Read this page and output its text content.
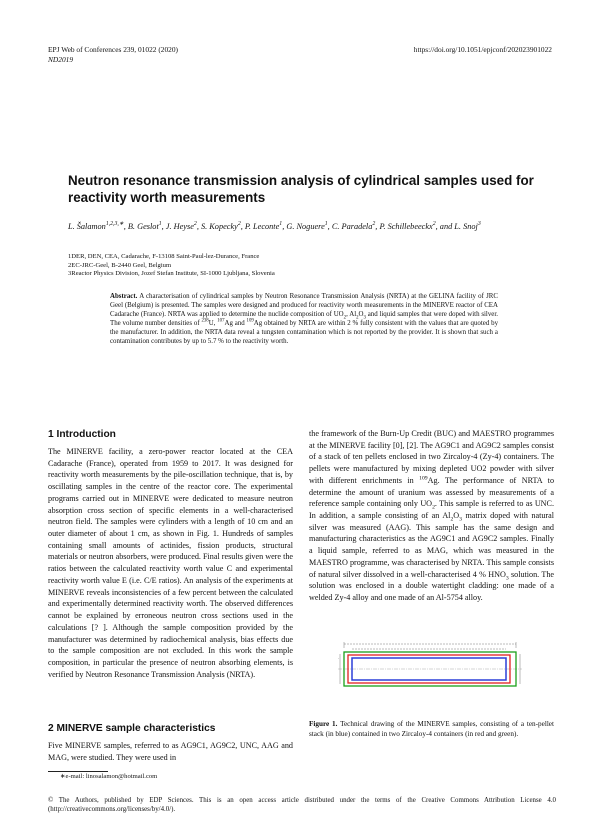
EPJ Web of Conferences 239, 01022 (2020)
ND2019
https://doi.org/10.1051/epjconf/202023901022
Neutron resonance transmission analysis of cylindrical samples used for reactivity worth measurements
L. Šalamon$^{1,2,3,∗}$, B. Geslot$^1$, J. Heyse$^2$, S. Kopecky$^2$, P. Leconte$^1$, G. Noguere$^1$, C. Paradela$^2$, P. Schillebeeckx$^2$, and L. Snoj$^3$
1DER, DEN, CEA, Cadarache, F-13108 Saint-Paul-lez-Durance, France
2EC-JRC-Geel, B-2440 Geel, Belgium
3Reactor Physics Division, Jozef Stefan Institute, SI-1000 Ljubljana, Slovenia
Abstract. A characterisation of cylindrical samples by Neutron Resonance Transmission Analysis (NRTA) at the GELINA facility of JRC Geel (Belgium) is presented. The samples were designed and produced for reactivity worth measurements in the MINERVE reactor of CEA Cadarache (France). NRTA was applied to determine the nuclide composition of $UO_2$, $Al_2O_3$ and liquid samples that were doped with silver. The volume number densities of $^{238}$U, $^{107}$Ag and $^{109}$Ag obtained by NRTA are within 2 % fully consistent with the values that are quoted by the manufacturer. In addition, the NRTA data reveal a tungsten contamination which is not reported by the provider. It is shown that such a contamination contributes by up to 5.7 % to the reactivity worth.
1 Introduction
The MINERVE facility, a zero-power reactor located at the CEA Cadarache (France), operated from 1959 to 2017. It was designed for reactivity worth measurements by the pile-oscillation technique, that is, by oscillating samples in the centre of the reactor core. The experimental programs carried out in MINERVE were dedicated to measure neutron absorption cross section of specific elements in a well-characterised neutron field. The samples were cylinders with a length of 10 cm and an outer diameter of about 1 cm, as shown in Fig. 1. Hundreds of samples containing small amounts of actinides, fission products, structural materials or neutron absorbers, were produced. Final results given were the ratios between the calculated reactivity worth value C and experimental reactivity worth value E (i.e. C/E ratios). An analysis of the experiments at MINERVE reveals inconsistencies of a few percent between the calculated and experimentally determined reactivity worth. The observed differences cannot be explained by erroneous neutron cross sections used in the calculations [? ]. Although the sample composition provided by the manufacturer was determined by radiochemical analysis, bias effects due to the sample composition are not excluded. In this work the sample composition, in particular the presence of neutron absorbing elements, is verified by Neutron Resonance Transmission Analysis (NRTA).
2 MINERVE sample characteristics
Five MINERVE samples, referred to as AG9C1, AG9C2, UNC, AAG and MAG, were studied. They were used in
the framework of the Burn-Up Credit (BUC) and MAESTRO programmes at the MINERVE facility [0], [2]. The AG9C1 and AG9C2 samples consist of a stack of ten pellets enclosed in two Zircaloy-4 (Zy-4) containers. The pellets were manufactured by mixing depleted UO2 powder with silver with different enrichments in $^{109}$Ag. The performance of NRTA to determine the amount of uranium was assessed by measurements of a reference sample containing only $UO_2$. This sample is referred to as UNC. In addition, a sample consisting of an $Al_2O_3$ matrix doped with natural silver was measured (AAG). This sample has the same design and manufacturing characteristics as the AG9C1 and AG9C2 samples. Finally a liquid sample, referred to as MAG, which was measured in the MAESTRO programme, was characterised by NRTA. This sample consists of natural silver dissolved in a well-characterised 4 % $HNO_3$ solution. The solution was enclosed in a double watertight cladding: one made of a welded Zy-4 alloy and one made of an Al-5754 alloy.
·
Figure 1. Technical drawing of the MINERVE samples, consisting of a ten-pellet stack (in blue) contained in two Zircaloy-4 containers (in red and green).
∗e-mail: linosalamon@hotmail.com
© The Authors, published by EDP Sciences. This is an open access article distributed under the terms of the Creative Commons Attribution License 4.0 (http://creativecommons.org/licenses/by/4.0/).
